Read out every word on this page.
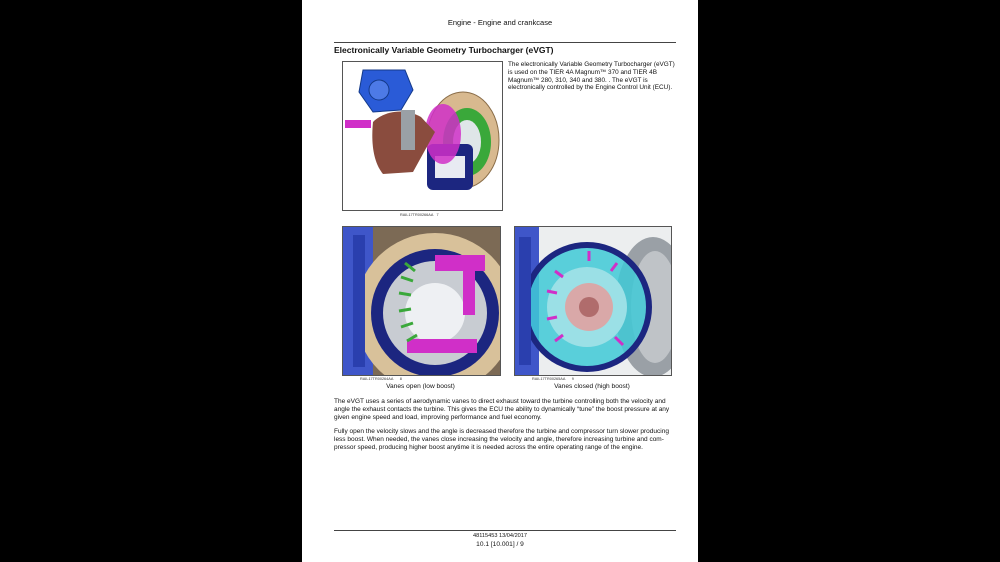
Engine - Engine and crankcase
Electronically Variable Geometry Turbocharger (eVGT)
The electronically Variable Geometry Turbocharger (eVGT) is used on the TIER 4A Magnum™ 370 and TIER 4B Magnum™ 280, 310, 340 and 380. . The eVGT is electronically controlled by the Engine Control Unit (ECU).
RAIL17TR00266AA 7
RAIL17TR00264AA 8
Vanes open (low boost)
RAIL17TR00265AA 9
Vanes closed (high boost)
The eVGT uses a series of aerodynamic vanes to direct exhaust toward the turbine controlling both the velocity and angle the exhaust contacts the turbine. This gives the ECU the ability to dynamically “tune” the boost pressure at any given engine speed and load, improving performance and fuel economy.
Fully open the velocity slows and the angle is decreased therefore the turbine and compressor turn slower producing less boost. When needed, the vanes close increasing the velocity and angle, therefore increasing turbine and com-pressor speed, producing higher boost anytime it is needed across the entire operating range of the engine.
48115453 13/04/2017
10.1 [10.001] / 9
